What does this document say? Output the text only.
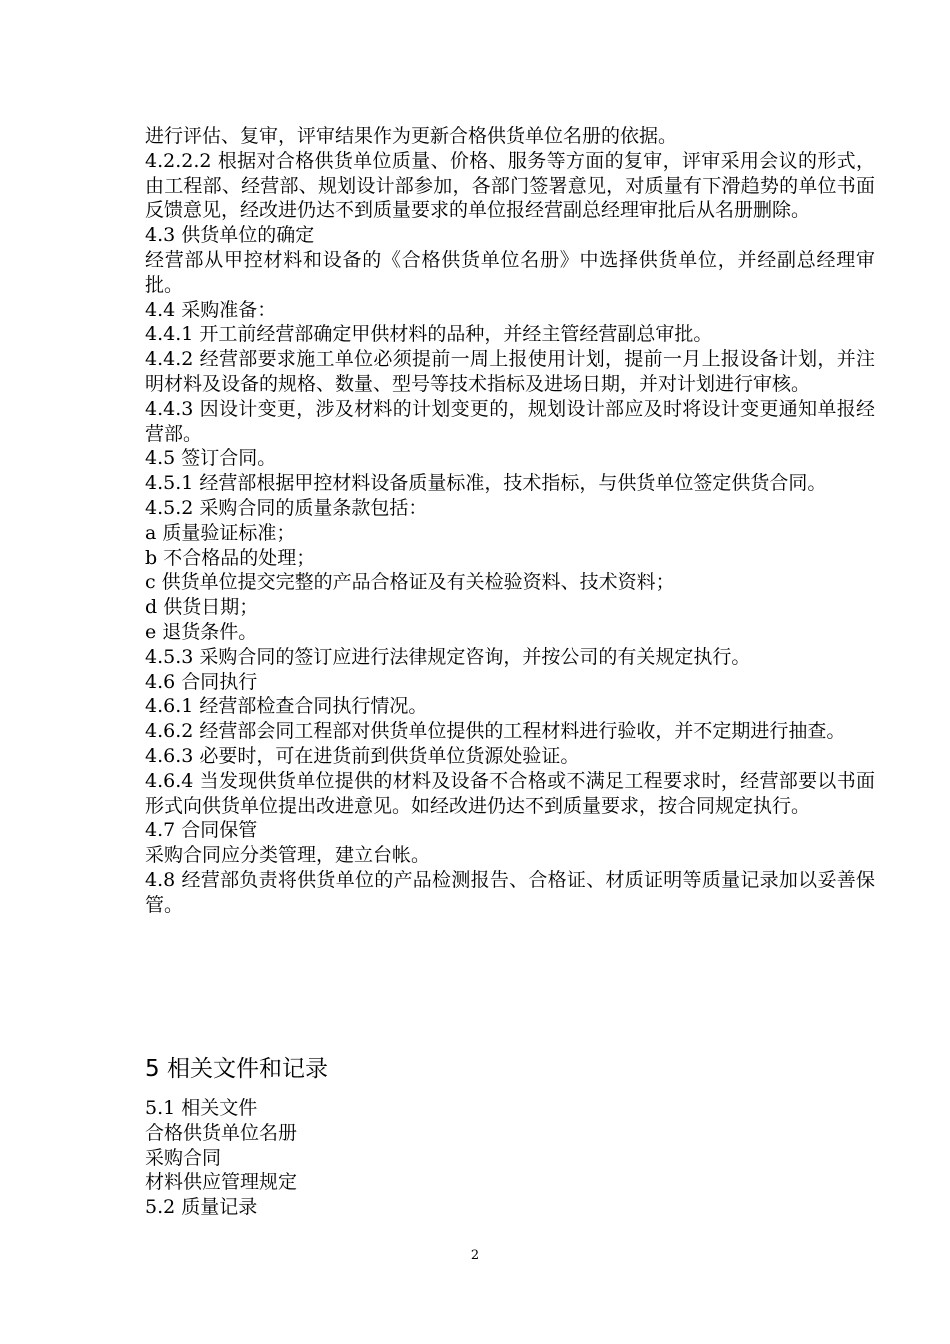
进行评估、复审，评审结果作为更新合格供货单位名册的依据。

4.2.2.2 根据对合格供货单位质量、价格、服务等方面的复审，评审采用会议的形式，由工程部、经营部、规划设计部参加，各部门签署意见，对质量有下滑趋势的单位书面反馈意见，经改进仍达不到质量要求的单位报经营副总经理审批后从名册删除。

4.3 供货单位的确定

经营部从甲控材料和设备的《合格供货单位名册》中选择供货单位，并经副总经理审批。

4.4 采购准备：

4.4.1 开工前经营部确定甲供材料的品种，并经主管经营副总审批。

4.4.2 经营部要求施工单位必须提前一周上报使用计划，提前一月上报设备计划，并注明材料及设备的规格、数量、型号等技术指标及进场日期，并对计划进行审核。

4.4.3 因设计变更，涉及材料的计划变更的，规划设计部应及时将设计变更通知单报经营部。

4.5 签订合同。

4.5.1 经营部根据甲控材料设备质量标准，技术指标，与供货单位签定供货合同。

4.5.2 采购合同的质量条款包括：

a 质量验证标准；

b 不合格品的处理；

c 供货单位提交完整的产品合格证及有关检验资料、技术资料；

d 供货日期；

e 退货条件。

4.5.3 采购合同的签订应进行法律规定咨询，并按公司的有关规定执行。

4.6 合同执行

4.6.1 经营部检查合同执行情况。

4.6.2 经营部会同工程部对供货单位提供的工程材料进行验收，并不定期进行抽查。

4.6.3 必要时，可在进货前到供货单位货源处验证。

4.6.4 当发现供货单位提供的材料及设备不合格或不满足工程要求时，经营部要以书面形式向供货单位提出改进意见。如经改进仍达不到质量要求，按合同规定执行。

4.7 合同保管

采购合同应分类管理，建立台帐。

4.8 经营部负责将供货单位的产品检测报告、合格证、材质证明等质量记录加以妥善保管。

5 相关文件和记录

5.1 相关文件

合格供货单位名册

采购合同

材料供应管理规定

5.2 质量记录

2
